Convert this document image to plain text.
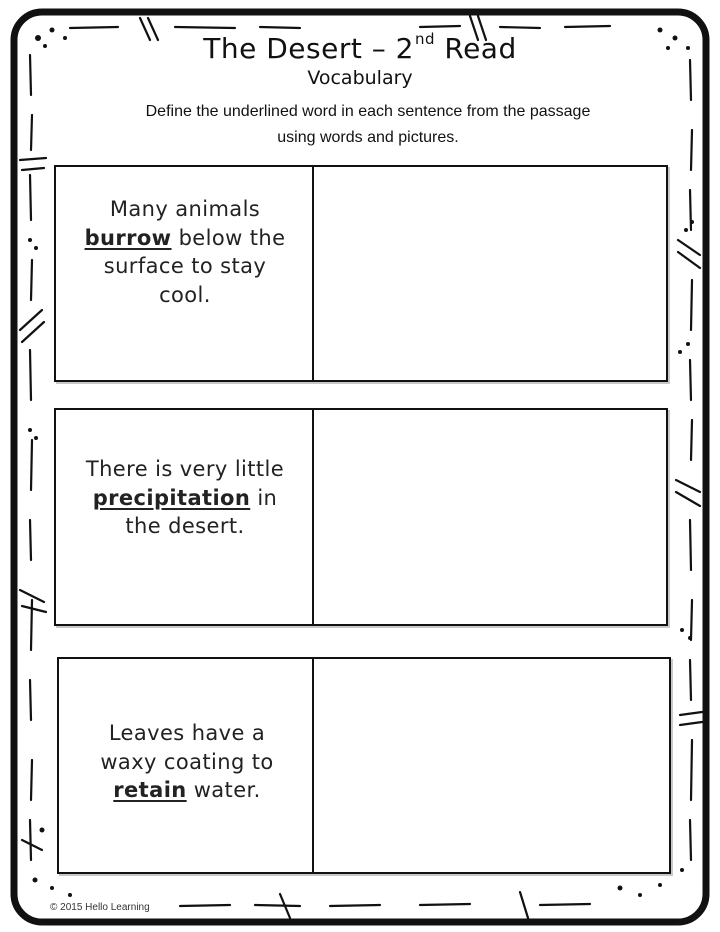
The Desert – 2nd Read
Vocabulary
Define the underlined word in each sentence from the passage
using words and pictures.
Many animals
burrow below the surface to stay cool.
There is very little precipitation in the desert.
Leaves have a waxy coating to retain water.
© 2015 Hello Learning
